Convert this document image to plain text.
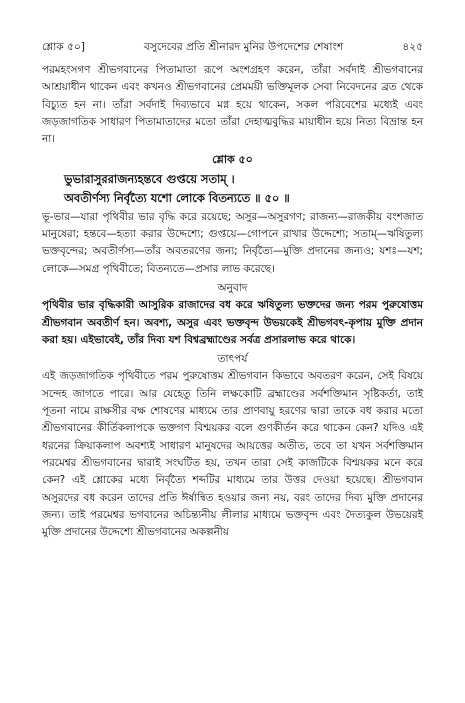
শ্লোক ৫০]	বসুদেবের প্রতি শ্রীনারদ মুনির উপদেশের শেষাংশ	৪২৫

পরমহংসগণ শ্রীভগবানের পিতামাতা রূপে অংশগ্রহণ করেন, তাঁরা সর্বদাই শ্রীভগবানের আশ্রয়াধীন থাকেন এবং কখনও শ্রীভগবানের প্রেমময়ী ভক্তিমূলক সেবা নিবেদনের ব্রত থেকে বিচ্যুত হন না। তাঁরা সর্বদাই দিব্যভাবে মগ্ন হয়ে থাকেন, সকল পরিবেশের মধ্যেই এবং জড়জাগতিক সাধারণ পিতামাতাদের মতো তাঁরা দেহাত্মবুদ্ধির মায়াধীন হয়ে নিত্য বিভ্রান্ত হন না।

শ্লোক ৫০
ভুভারাসুররাজন্যহন্তবে গুপ্তয়ে সতাম্ ।
অবতীর্ণস্য নির্বৃত্যৈ যশো লোকে বিতন্যতে ॥ ৫০ ॥

ভূ-ভার—যারা পৃথিবীর ভার বৃদ্ধি করে রয়েছে; অসুর—অসুরগণ; রাজন্য—রাজকীয় বংশজাত মানুষেরা; হন্তবে—হত্যা করার উদ্দেশ্যে; গুপ্তয়ে—গোপনে রাখার উদ্দেশ্যে; সতাম্—ঋষিতুল্য ভক্তবৃন্দের; অবতীর্ণস্য—তাঁর অবতরণের জন্য; নির্বৃত্যৈ—মুক্তি প্রদানের জন্যও; যশঃ—যশ; লোকে—সমগ্র পৃথিবীতে; বিতন্যতে—প্রসার লাভ করেছে।

অনুবাদ

পৃথিবীর ভার বৃদ্ধিকারী আসুরিক রাজাদের বধ করে ঋষিতুল্য ভক্তদের জন্য পরম পুরুষোত্তম শ্রীভগবান অবতীর্ণ হন। অবশ্য, অসুর এবং ভক্তবৃন্দ উভয়কেই শ্রীভগবৎ-কৃপায় মুক্তি প্রদান করা হয়। এইভাবেই, তাঁর দিব্য যশ বিশ্বব্রহ্মাণ্ডের সর্বত্র প্রসারলাভ করে থাকে।

তাৎপর্য

এই জড়জাগতিক পৃথিবীতে পরম পুরুষোত্তম শ্রীভগবান কিভাবে অবতরণ করেন, সেই বিষয়ে সন্দেহ জাগতে পারে। আর যেহেতু তিনি লক্ষকোটি ব্রহ্মাণ্ডের সর্বশক্তিমান সৃষ্টিকর্তা, তাই পূতনা নামে রাক্ষসীর বক্ষ শোষণের মাধ্যমে তার প্রাণবায়ু হরণের দ্বারা তাকে বধ করার মতো শ্রীভগবানের কীর্তিকলাপকে ভক্তগণ বিশ্ময়কর বলে গুণকীর্তন করে থাকেন কেন? যদিও এই ধরনের ক্রিয়াকলাপ অবশ্যই সাধারণ মানুষদের আয়ত্তের অতীত, তবে তা যখন সর্বশক্তিমান পরমেশ্বর শ্রীভগবানের দ্বারাই সংঘটিত হয়, তখন তারা সেই কাজটিকে বিশ্ময়কর মনে করে কেন? এই শ্লোকের মধ্যে নির্বৃত্যৈ শব্দটির মাধ্যমে তার উত্তর দেওয়া হয়েছে। শ্রীভগবান অসুরদের বধ করেন তাদের প্রতি ঈর্ষান্বিত হওয়ার জন্য নয়, বরং তাদের দিব্য মুক্তি প্রদানের জন্য। তাই পরমেশ্বর ভগবানের অচিন্ত্যনীয় লীলার মাধ্যমে ভক্তবৃন্দ এবং দৈত্যকুল উভয়েরই মুক্তি প্রদানের উদ্দেশ্যে শ্রীভগবানের অকল্পনীয়
